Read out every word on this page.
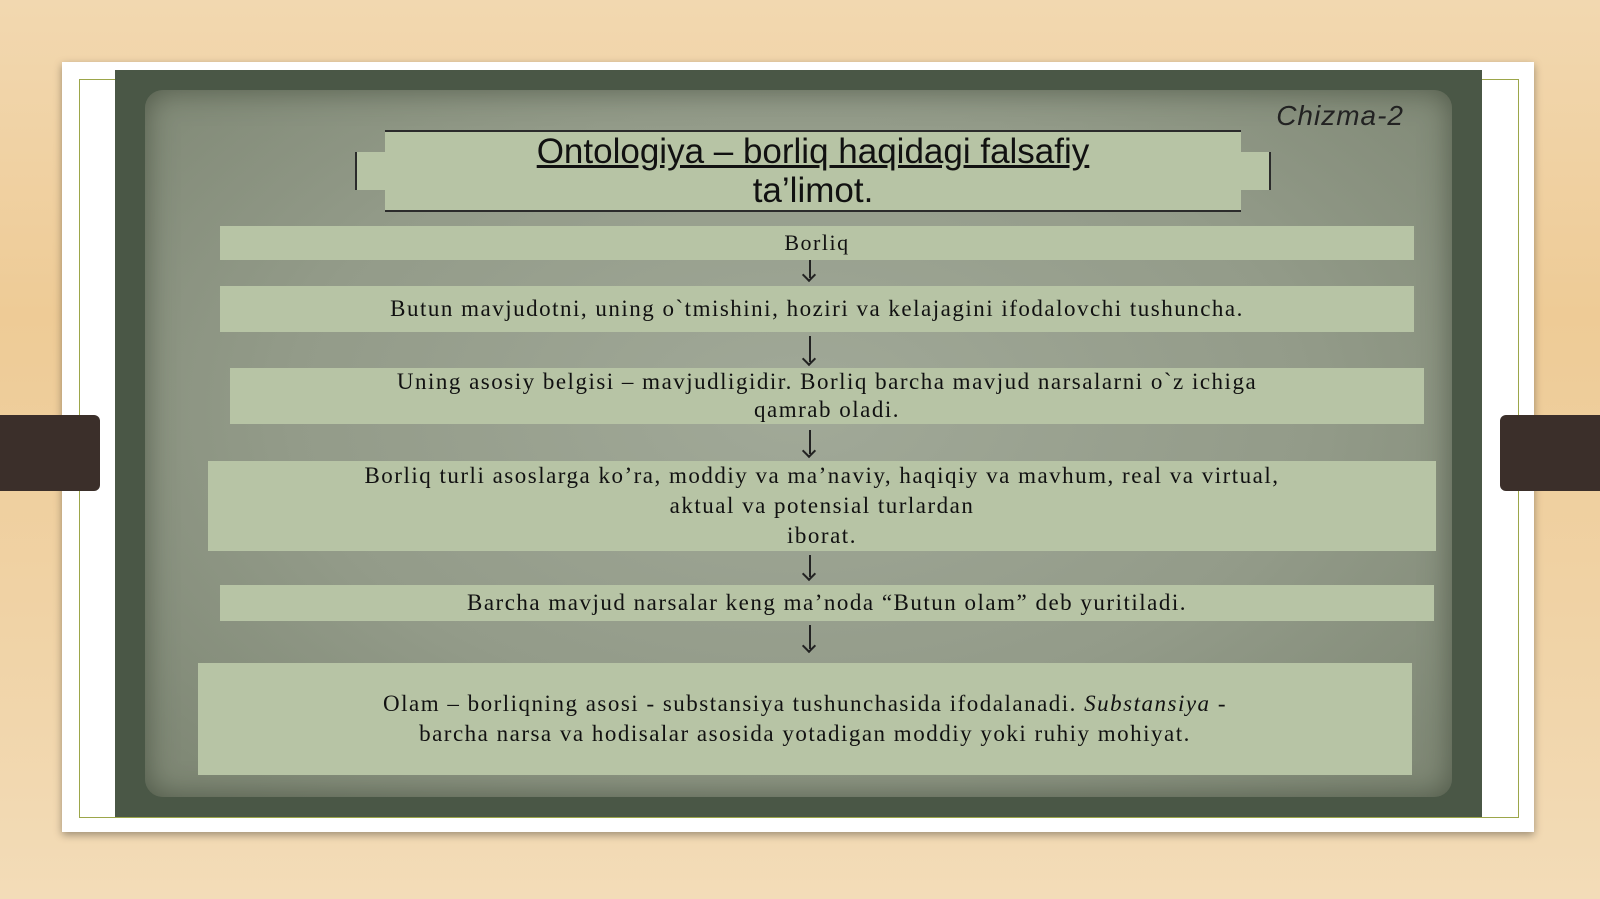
Chizma-2
Ontologiya – borliq haqidagi falsafiy
ta’limot.
Borliq
Butun mavjudotni, uning o`tmishini, hoziri va kelajagini ifodalovchi tushuncha.
Uning asosiy belgisi – mavjudligidir. Borliq barcha mavjud narsalarni o`z ichiga
qamrab oladi.
Borliq turli asoslarga ko’ra, moddiy va ma’naviy, haqiqiy va mavhum, real va virtual,
aktual va potensial turlardan
iborat.
Barcha mavjud narsalar keng ma’noda “Butun olam” deb yuritiladi.
Olam – borliqning asosi - substansiya tushunchasida ifodalanadi. Substansiya -
barcha narsa va hodisalar asosida yotadigan moddiy yoki ruhiy mohiyat.
